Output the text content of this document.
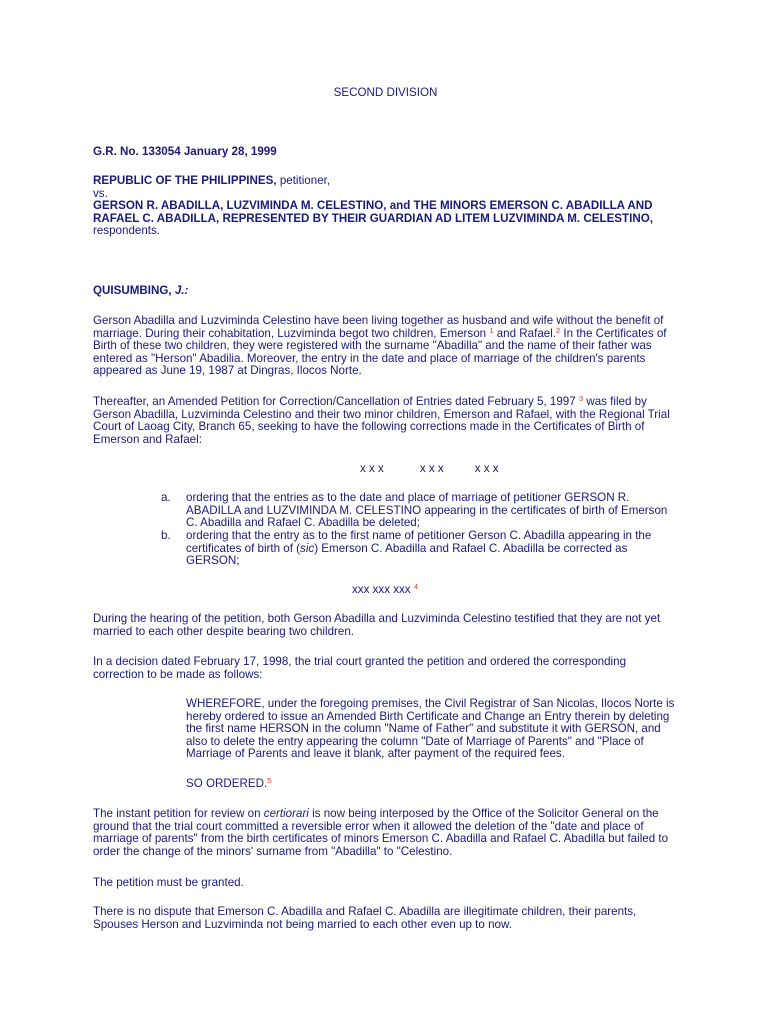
SECOND DIVISION

G.R. No. 133054 January 28, 1999

REPUBLIC OF THE PHILIPPINES, petitioner,
vs.
GERSON R. ABADILLA, LUZVIMINDA M. CELESTINO, and THE MINORS EMERSON C. ABADILLA AND RAFAEL C. ABADILLA, REPRESENTED BY THEIR GUARDIAN AD LITEM LUZVIMINDA M. CELESTINO, respondents.

QUISUMBING, J.:

Gerson Abadilla and Luzviminda Celestino have been living together as husband and wife without the benefit of marriage. During their cohabitation, Luzviminda begot two children, Emerson $^1$ and Rafael.$^2$ In the Certificates of Birth of these two children, they were registered with the surname "Abadilla" and the name of their father was entered as "Herson" Abadilia. Moreover, the entry in the date and place of marriage of the children's parents appeared as June 19, 1987 at Dingras, Ilocos Norte.

Thereafter, an Amended Petition for Correction/Cancellation of Entries dated February 5, 1997 $^3$ was filed by Gerson Abadilla, Luzviminda Celestino and their two minor children, Emerson and Rafael, with the Regional Trial Court of Laoag City, Branch 65, seeking to have the following corrections made in the Certificates of Birth of Emerson and Rafael:

x x x	x x x	x x x
a. ordering that the entries as to the date and place of marriage of petitioner GERSON R. ABADILLA and LUZVIMINDA M. CELESTINO appearing in the certificates of birth of Emerson C. Abadilla and Rafael C. Abadilla be deleted;
b. ordering that the entry as to the first name of petitioner Gerson C. Abadilla appearing in the certificates of birth of (sic) Emerson C. Abadilla and Rafael C. Abadilla be corrected as GERSON;

xxx xxx xxx $^4$

During the hearing of the petition, both Gerson Abadilla and Luzviminda Celestino testified that they are not yet married to each other despite bearing two children.

In a decision dated February 17, 1998, the trial court granted the petition and ordered the corresponding correction to be made as follows:

WHEREFORE, under the foregoing premises, the Civil Registrar of San Nicolas, Ilocos Norte is hereby ordered to issue an Amended Birth Certificate and Change an Entry therein by deleting the first name HERSON in the column "Name of Father" and substitute it with GERSON, and also to delete the entry appearing the column "Date of Marriage of Parents" and "Place of Marriage of Parents and leave it blank, after payment of the required fees.

SO ORDERED.$^5$

The instant petition for review on certiorari is now being interposed by the Office of the Solicitor General on the ground that the trial court committed a reversible error when it allowed the deletion of the "date and place of marriage of parents" from the birth certificates of minors Emerson C. Abadilla and Rafael C. Abadilla but failed to order the change of the minors' surname from "Abadilla" to "Celestino.

The petition must be granted.

There is no dispute that Emerson C. Abadilla and Rafael C. Abadilla are illegitimate children, their parents, Spouses Herson and Luzviminda not being married to each other even up to now.
